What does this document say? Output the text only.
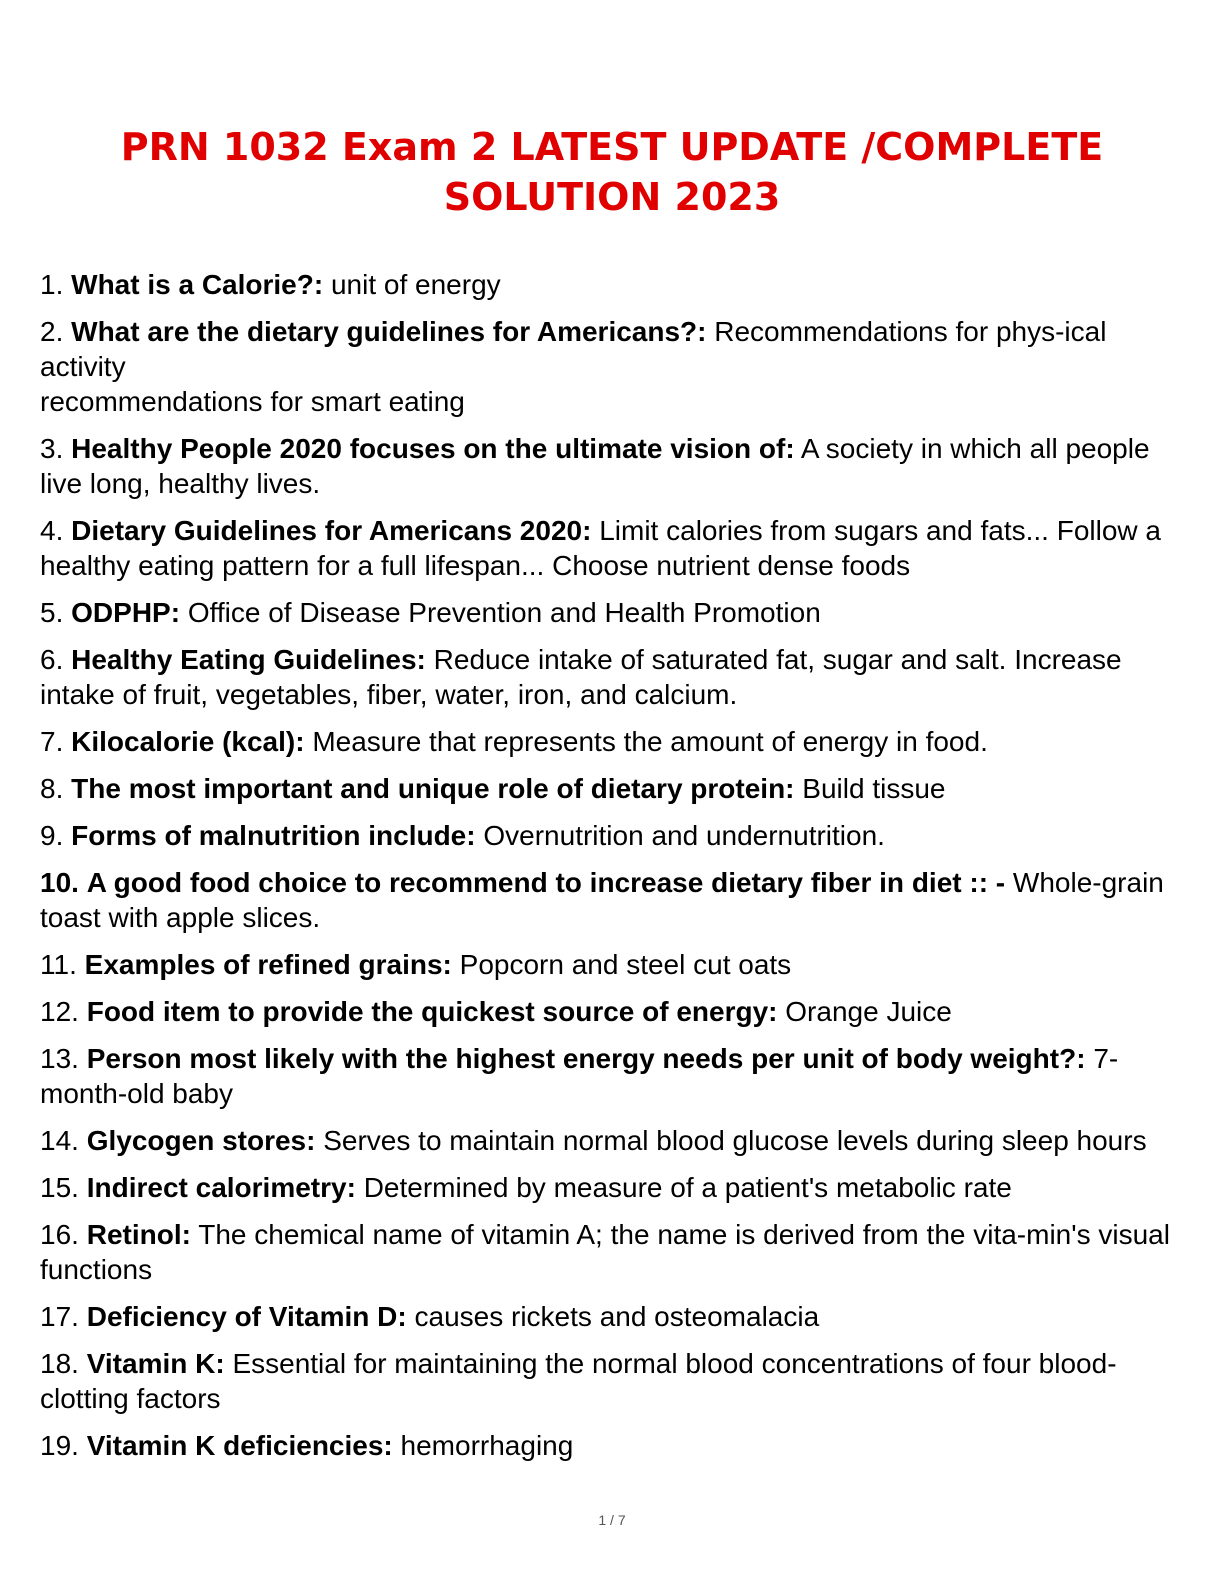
PRN 1032 Exam 2 LATEST UPDATE /COMPLETE
SOLUTION 2023
1. What is a Calorie?: unit of energy
2. What are the dietary guidelines for Americans?: Recommendations for phys-ical activity
recommendations for smart eating
3. Healthy People 2020 focuses on the ultimate vision of: A society in which all people live long, healthy lives.
4. Dietary Guidelines for Americans 2020: Limit calories from sugars and fats... Follow a healthy eating pattern for a full lifespan... Choose nutrient dense foods
5. ODPHP: Office of Disease Prevention and Health Promotion
6. Healthy Eating Guidelines: Reduce intake of saturated fat, sugar and salt. Increase intake of fruit, vegetables, fiber, water, iron, and calcium.
7. Kilocalorie (kcal): Measure that represents the amount of energy in food.
8. The most important and unique role of dietary protein: Build tissue
9. Forms of malnutrition include: Overnutrition and undernutrition.
10. A good food choice to recommend to increase dietary fiber in diet :: - Whole-grain toast with apple slices.
11. Examples of refined grains: Popcorn and steel cut oats
12. Food item to provide the quickest source of energy: Orange Juice
13. Person most likely with the highest energy needs per unit of body weight?: 7-month-old baby
14. Glycogen stores: Serves to maintain normal blood glucose levels during sleep hours
15. Indirect calorimetry: Determined by measure of a patient's metabolic rate
16. Retinol: The chemical name of vitamin A; the name is derived from the vita-min's visual functions
17. Deficiency of Vitamin D: causes rickets and osteomalacia
18. Vitamin K: Essential for maintaining the normal blood concentrations of four blood-clotting factors
19. Vitamin K deficiencies: hemorrhaging
1 / 7
